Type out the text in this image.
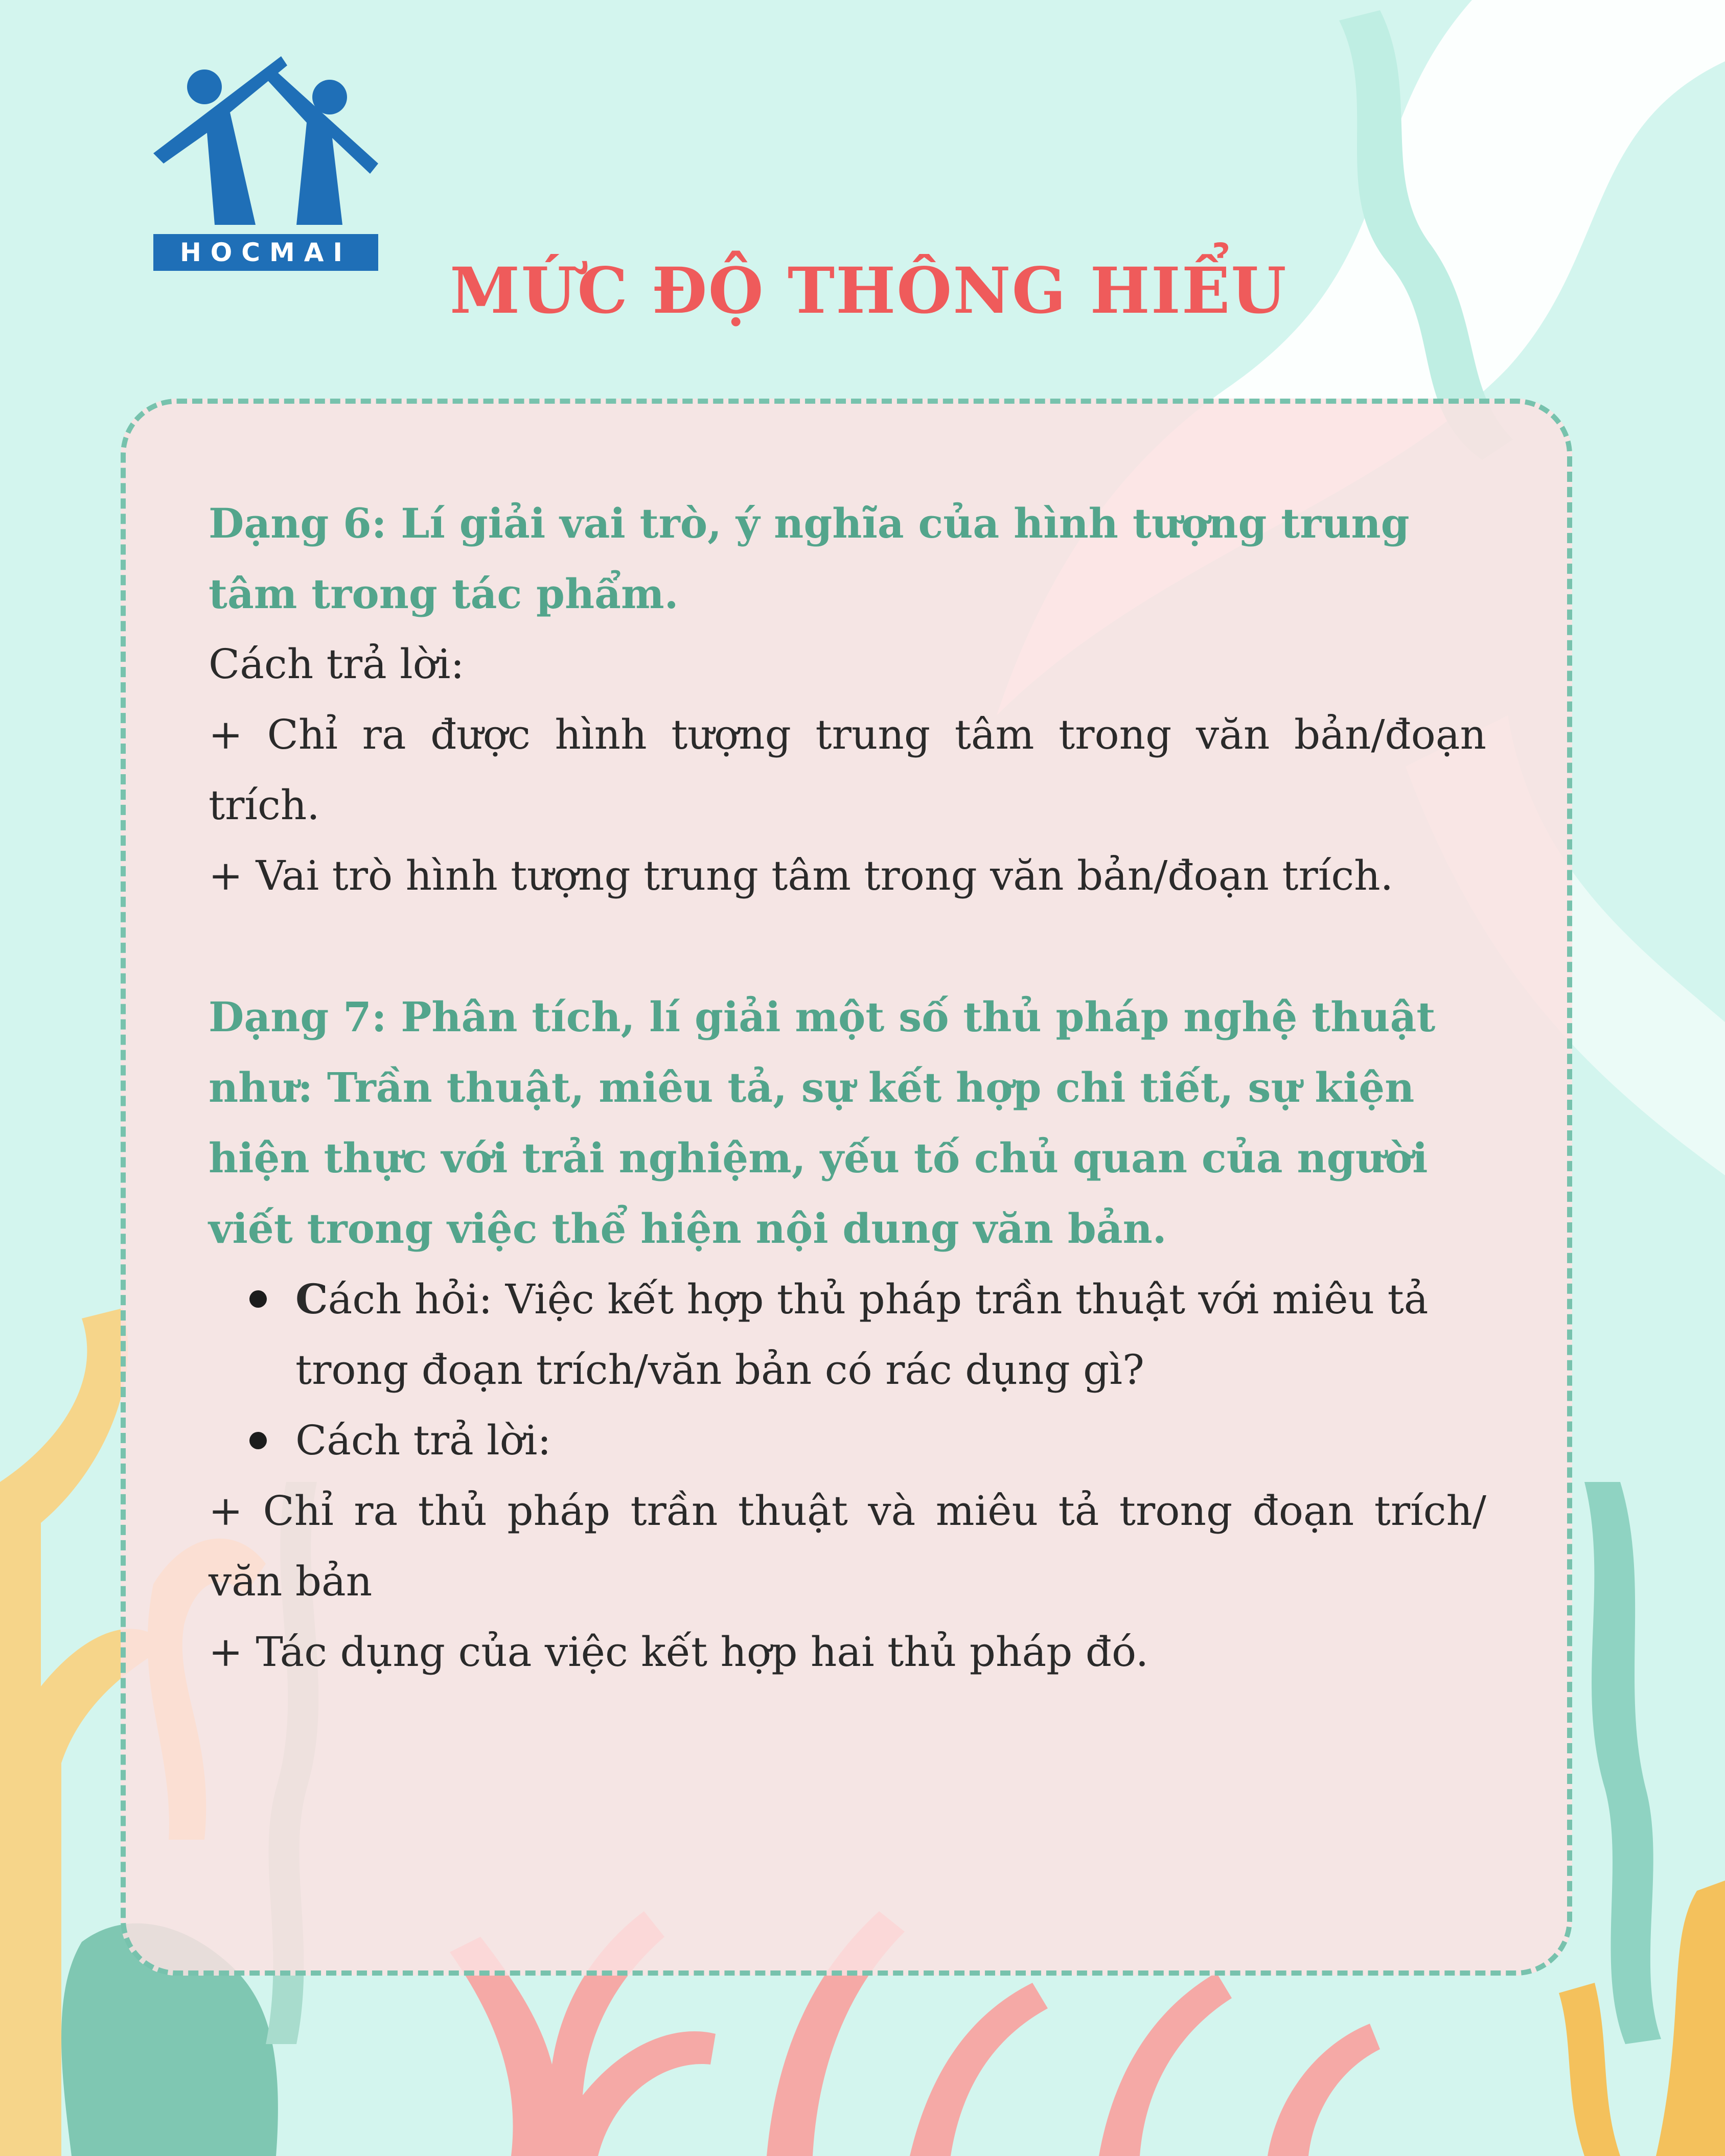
HOCMAI
MỨC ĐỘ THÔNG HIỂU

Dạng 6: Lí giải vai trò, ý nghĩa của hình tượng trung tâm trong tác phẩm.

Cách trả lời:

+ Chỉ ra được hình tượng trung tâm trong văn bản/đoạn trích.

+ Vai trò hình tượng trung tâm trong văn bản/đoạn trích.

Dạng 7: Phân tích, lí giải một số thủ pháp nghệ thuật như: Trần thuật, miêu tả, sự kết hợp chi tiết, sự kiện hiện thực với trải nghiệm, yếu tố chủ quan của người viết trong việc thể hiện nội dung văn bản.

Cách hỏi: Việc kết hợp thủ pháp trần thuật với miêu tả trong đoạn trích/văn bản có rác dụng gì?

Cách trả lời:

+ Chỉ ra thủ pháp trần thuật và miêu tả trong đoạn trích/ văn bản

+ Tác dụng của việc kết hợp hai thủ pháp đó.
